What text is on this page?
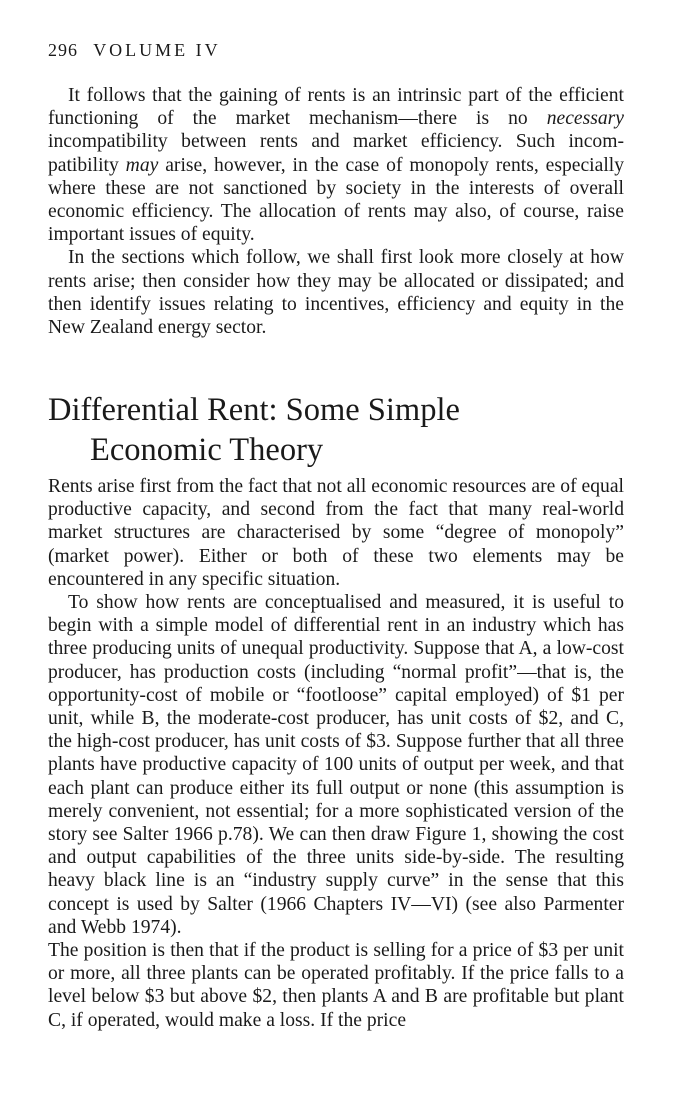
296 VOLUME IV

It follows that the gaining of rents is an intrinsic part of the efficient functioning of the market mechanism—there is no necessary incompatibility between rents and market efficiency. Such incompatibility may arise, however, in the case of monopoly rents, especially where these are not sanctioned by society in the interests of overall economic efficiency. The allocation of rents may also, of course, raise important issues of equity.

In the sections which follow, we shall first look more closely at how rents arise; then consider how they may be allocated or dissipated; and then identify issues relating to incentives, efficiency and equity in the New Zealand energy sector.

Differential Rent: Some Simple
Economic Theory

Rents arise first from the fact that not all economic resources are of equal productive capacity, and second from the fact that many real-world market structures are characterised by some “degree of monopoly” (market power). Either or both of these two elements may be encountered in any specific situation.

To show how rents are conceptualised and measured, it is useful to begin with a simple model of differential rent in an industry which has three producing units of unequal productivity. Suppose that A, a low-cost producer, has production costs (including “normal profit”—that is, the opportunity-cost of mobile or “footloose” capital employed) of $1 per unit, while B, the moderate-cost producer, has unit costs of $2, and C, the high-cost producer, has unit costs of $3. Suppose further that all three plants have productive capacity of 100 units of output per week, and that each plant can produce either its full output or none (this assumption is merely convenient, not essential; for a more sophisticated version of the story see Salter 1966 p.78). We can then draw Figure 1, showing the cost and output capabilities of the three units side-by-side. The resulting heavy black line is an “industry supply curve” in the sense that this concept is used by Salter (1966 Chapters IV—VI) (see also Parmenter and Webb 1974).

The position is then that if the product is selling for a price of $3 per unit or more, all three plants can be operated profitably. If the price falls to a level below $3 but above $2, then plants A and B are profitable but plant C, if operated, would make a loss. If the price
